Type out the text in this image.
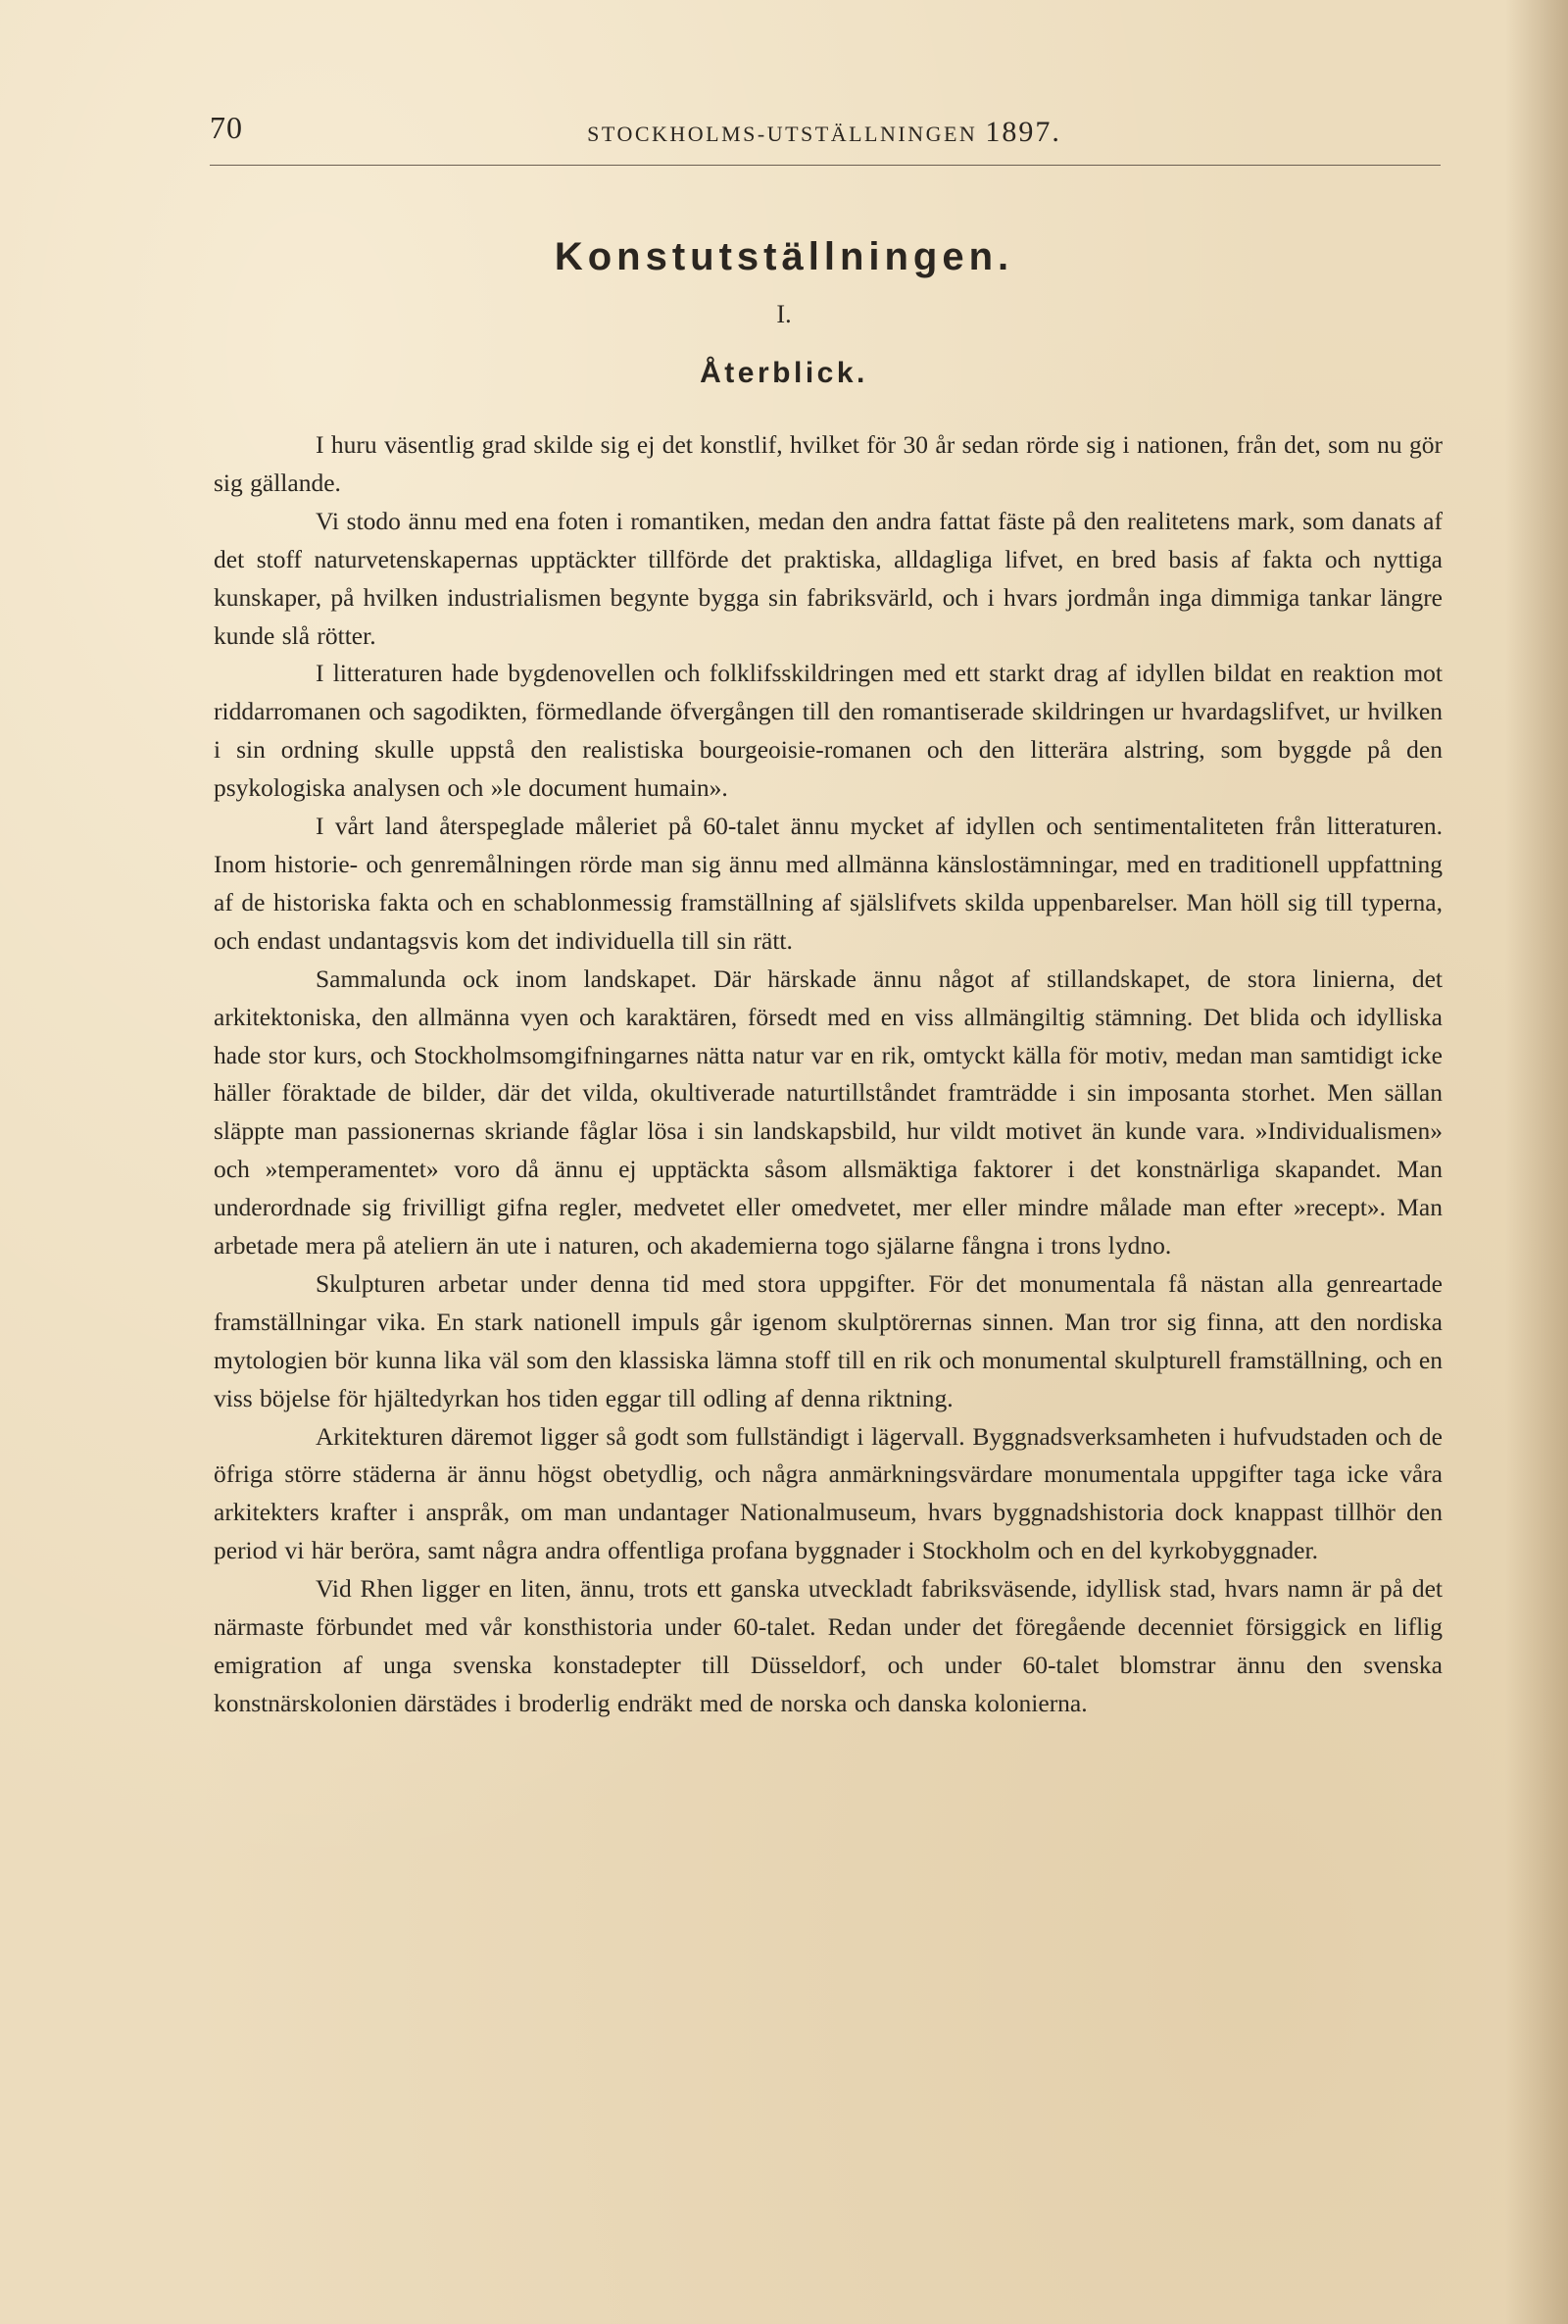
70	STOCKHOLMS-UTSTÄLLNINGEN 1897.
Konstutställningen.
I.
Återblick.

I huru väsentlig grad skilde sig ej det konstlif, hvilket för 30 år sedan rörde sig i nationen, från det, som nu gör sig gällande.

Vi stodo ännu med ena foten i romantiken, medan den andra fattat fäste på den realitetens mark, som danats af det stoff naturvetenskapernas upptäckter tillförde det praktiska, alldagliga lifvet, en bred basis af fakta och nyttiga kunskaper, på hvilken industrialismen begynte bygga sin fabriksvärld, och i hvars jordmån inga dimmiga tankar längre kunde slå rötter.

I litteraturen hade bygdenovellen och folklifsskildringen med ett starkt drag af idyllen bildat en reaktion mot riddarromanen och sagodikten, förmedlande öfvergången till den romantiserade skildringen ur hvardagslifvet, ur hvilken i sin ordning skulle uppstå den realistiska bourgeoisie-romanen och den litterära alstring, som byggde på den psykologiska analysen och »le document humain».

I vårt land återspeglade måleriet på 60-talet ännu mycket af idyllen och sentimentaliteten från litteraturen. Inom historie- och genremålningen rörde man sig ännu med allmänna känslostämningar, med en traditionell uppfattning af de historiska fakta och en schablonmessig framställning af själslifvets skilda uppenbarelser. Man höll sig till typerna, och endast undantagsvis kom det individuella till sin rätt.

Sammalunda ock inom landskapet. Där härskade ännu något af stillandskapet, de stora linierna, det arkitektoniska, den allmänna vyen och karaktären, försedt med en viss allmängiltig stämning. Det blida och idylliska hade stor kurs, och Stockholmsomgifningarnes nätta natur var en rik, omtyckt källa för motiv, medan man samtidigt icke häller föraktade de bilder, där det vilda, okultiverade naturtillståndet framträdde i sin imposanta storhet. Men sällan släppte man passionernas skriande fåglar lösa i sin landskapsbild, hur vildt motivet än kunde vara. »Individualismen» och »temperamentet» voro då ännu ej upptäckta såsom allsmäktiga faktorer i det konstnärliga skapandet. Man underordnade sig frivilligt gifna regler, medvetet eller omedvetet, mer eller mindre målade man efter »recept». Man arbetade mera på ateliern än ute i naturen, och akademierna togo själarne fångna i trons lydno.

Skulpturen arbetar under denna tid med stora uppgifter. För det monumentala få nästan alla genreartade framställningar vika. En stark nationell impuls går igenom skulptörernas sinnen. Man tror sig finna, att den nordiska mytologien bör kunna lika väl som den klassiska lämna stoff till en rik och monumental skulpturell framställning, och en viss böjelse för hjältedyrkan hos tiden eggar till odling af denna riktning.

Arkitekturen däremot ligger så godt som fullständigt i lägervall. Byggnadsverksamheten i hufvudstaden och de öfriga större städerna är ännu högst obetydlig, och några anmärkningsvärdare monumentala uppgifter taga icke våra arkitekters krafter i anspråk, om man undantager Nationalmuseum, hvars byggnadshistoria dock knappast tillhör den period vi här beröra, samt några andra offentliga profana byggnader i Stockholm och en del kyrkobyggnader.

Vid Rhen ligger en liten, ännu, trots ett ganska utveckladt fabriksväsende, idyllisk stad, hvars namn är på det närmaste förbundet med vår konsthistoria under 60-talet. Redan under det föregående decenniet försiggick en liflig emigration af unga svenska konstadepter till Düsseldorf, och under 60-talet blomstrar ännu den svenska konstnärskolonien därstädes i broderlig endräkt med de norska och danska kolonierna.
